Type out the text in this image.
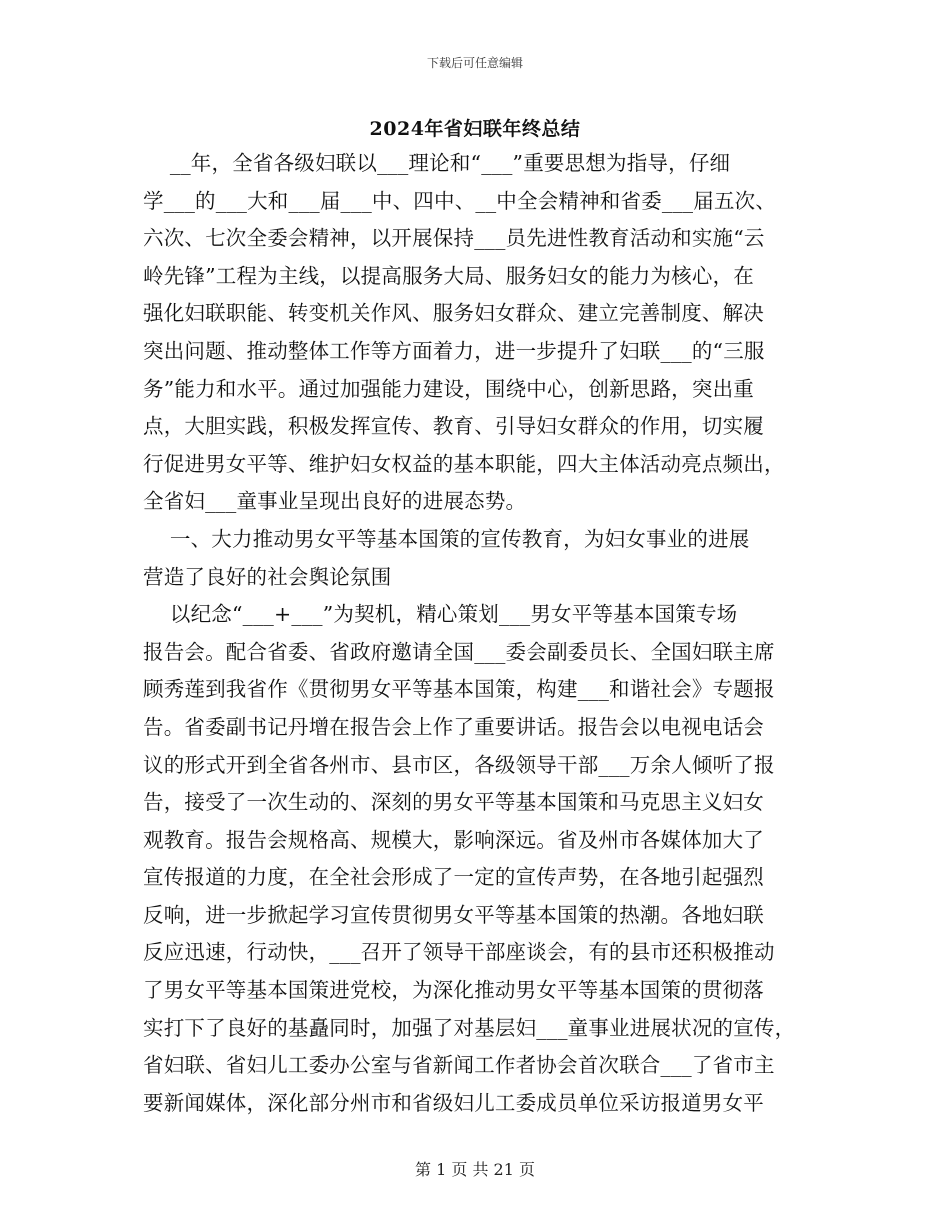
下载后可任意编辑
2024年省妇联年终总结
__年，全省各级妇联以___理论和“___”重要思想为指导，仔细
学___的___大和___届___中、四中、__中全会精神和省委___届五次、
六次、七次全委会精神，以开展保持___员先进性教育活动和实施“云
岭先锋”工程为主线，以提高服务大局、服务妇女的能力为核心，在
强化妇联职能、转变机关作风、服务妇女群众、建立完善制度、解决
突出问题、推动整体工作等方面着力，进一步提升了妇联___的“三服
务”能力和水平。通过加强能力建设，围绕中心，创新思路，突出重
点，大胆实践，积极发挥宣传、教育、引导妇女群众的作用，切实履
行促进男女平等、维护妇女权益的基本职能，四大主体活动亮点频出，
全省妇___童事业呈现出良好的进展态势。
一、大力推动男女平等基本国策的宣传教育，为妇女事业的进展
营造了良好的社会舆论氛围
以纪念“___+___”为契机，精心策划___男女平等基本国策专场
报告会。配合省委、省政府邀请全国___委会副委员长、全国妇联主席
顾秀莲到我省作《贯彻男女平等基本国策，构建___和谐社会》专题报
告。省委副书记丹增在报告会上作了重要讲话。报告会以电视电话会
议的形式开到全省各州市、县市区，各级领导干部___万余人倾听了报
告，接受了一次生动的、深刻的男女平等基本国策和马克思主义妇女
观教育。报告会规格高、规模大，影响深远。省及州市各媒体加大了
宣传报道的力度，在全社会形成了一定的宣传声势，在各地引起强烈
反响，进一步掀起学习宣传贯彻男女平等基本国策的热潮。各地妇联
反应迅速，行动快，___召开了领导干部座谈会，有的县市还积极推动
了男女平等基本国策进党校，为深化推动男女平等基本国策的贯彻落
实打下了良好的基矗同时，加强了对基层妇___童事业进展状况的宣传，
省妇联、省妇儿工委办公室与省新闻工作者协会首次联合___了省市主
要新闻媒体，深化部分州市和省级妇儿工委成员单位采访报道男女平
第 1 页 共 21 页
